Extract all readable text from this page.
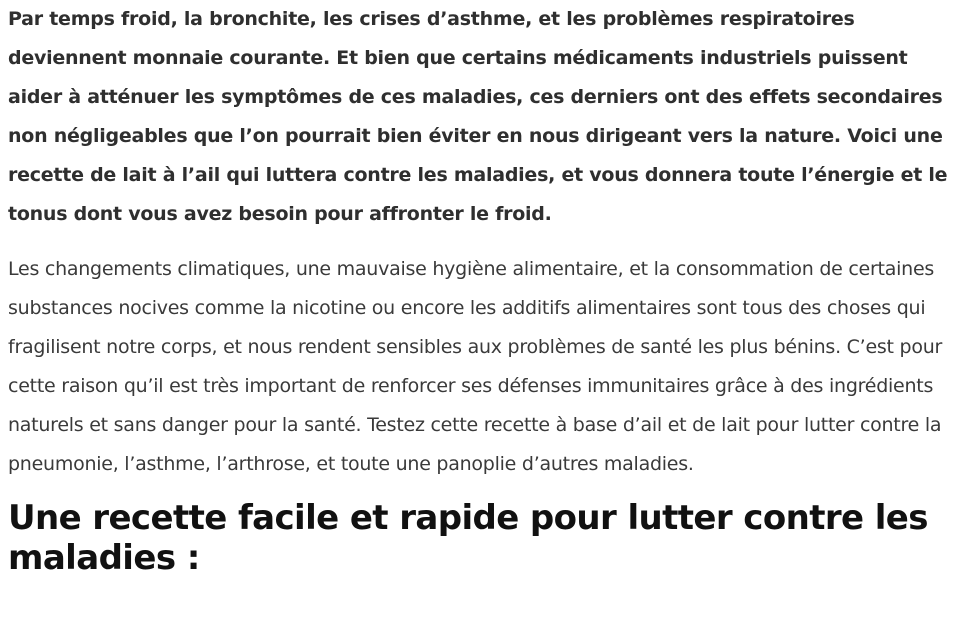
Par temps froid, la bronchite, les crises d’asthme, et les problèmes respiratoires deviennent monnaie courante. Et bien que certains médicaments industriels puissent aider à atténuer les symptômes de ces maladies, ces derniers ont des effets secondaires non négligeables que l’on pourrait bien éviter en nous dirigeant vers la nature. Voici une recette de lait à l’ail qui luttera contre les maladies, et vous donnera toute l’énergie et le tonus dont vous avez besoin pour affronter le froid.

Les changements climatiques, une mauvaise hygiène alimentaire, et la consommation de certaines substances nocives comme la nicotine ou encore les additifs alimentaires sont tous des choses qui fragilisent notre corps, et nous rendent sensibles aux problèmes de santé les plus bénins. C’est pour cette raison qu’il est très important de renforcer ses défenses immunitaires grâce à des ingrédients naturels et sans danger pour la santé. Testez cette recette à base d’ail et de lait pour lutter contre la pneumonie, l’asthme, l’arthrose, et toute une panoplie d’autres maladies.

Une recette facile et rapide pour lutter contre les maladies :
